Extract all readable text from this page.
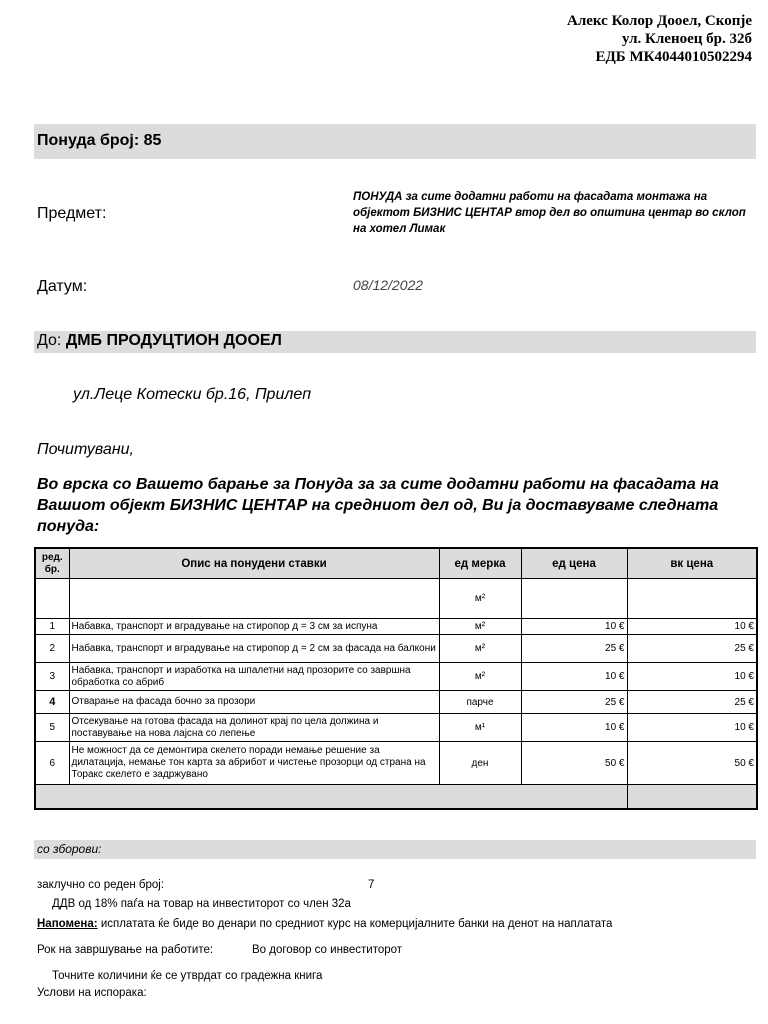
Алекс Колор Дооел, Скопје
ул. Кленоец бр. 32б
ЕДБ МК4044010502294
Понуда број: 85
Предмет:
ПОНУДА за сите додатни работи на фасадата монтажа на објектот БИЗНИС ЦЕНТАР втор дел во општина центар во склоп на хотел Лимак
Датум:	08/12/2022
До: ДМБ ПРОДУЦТИОН ДООЕЛ
ул.Леце Котески бр.16, Прилеп
Почитувани,
Во врска со Вашето барање за Понуда за за сите додатни работи на фасадата на Вашиот објект БИЗНИС ЦЕНТАР на средниот дел од, Ви ја доставуваме следната понуда:
ред. бр.	Опис на понудени ставки	ед мерка	ед цена	вк цена
		м²		
1	Набавка, транспорт и вградување на стиропор д = 3 см за испуна	м²	10 €	10 €
2	Набавка, транспорт и вградување на стиропор д = 2 см за фасада на балкони	м²	25 €	25 €
3	Набавка, транспорт и изработка на шпалетни над прозорите со завршна обработка со абриб	м²	10 €	10 €
4	Отварање на фасада бочно за прозори	парче	25 €	25 €
5	Отсекување на готова фасада на долинот крај по цела должина и поставување на нова лајсна со лепење	м¹	10 €	10 €
6	Не можност да се демонтира скелето поради немање решение за дилатација, немање тон карта за абрибот и чистење прозорци од страна на Торакс скелето е задржувано	ден	50 €	50 €

со зборови:
заклучно со реден број:	7
ДДВ од 18% паѓа на товар на инвеститорот со член 32а
Напомена: исплатата ќе биде во денари по средниот курс на комерцијалните банки на денот на наплатата
Рок на завршување на работите:	Во договор со инвеститорот
Точните количини ќе се утврдат со градежна книга
Услови на испорака:
